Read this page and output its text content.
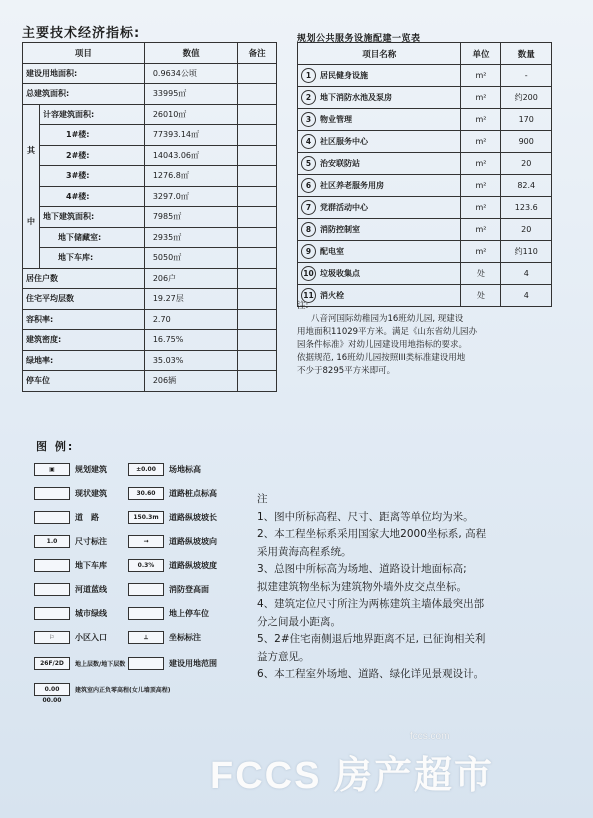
主要技术经济指标:
项目		数值	备注
建设用地面积:		0.9634公顷	
总建筑面积:		33995㎡	

其
中	计容建筑面积:	26010㎡	
	1#楼:	77393.14㎡	
	2#楼:	14043.06㎡	
	3#楼:	1276.8㎡	
	4#楼:	3297.0㎡	
	地下建筑面积:	7985㎡	
	地下储藏室:	2935㎡	
	地下车库:	5050㎡	
居住户数		206户	
住宅平均层数		19.27层	
容积率:		2.70	
建筑密度:		16.75%	
绿地率:		35.03%	
停车位		206辆	
规划公共服务设施配建一览表
项目名称	单位	数量
1 居民健身设施	m²	-
2 地下消防水池及泵房	m²	约200
3 物业管理	m²	170
4 社区服务中心	m²	900
5 治安联防站	m²	20
6 社区养老服务用房	m²	82.4
7 党群活动中心	m²	123.6
8 消防控制室	m²	20
9 配电室	m²	约110
10 垃圾收集点	处	4
11 消火栓	处	4
注:
八音河国际幼稚园为16班幼儿园, 现建设
用地面积11029平方米。满足《山东省幼儿园办
园条件标准》对幼儿园建设用地指标的要求。
依据规范, 16班幼儿园按照III类标准建设用地
不少于8295平方米即可。
图 例:
▣	规划建筑
现状建筑
道　路
1.0	尺寸标注
地下车库
河道蓝线
城市绿线
⚐	小区入口
26F/2D	地上层数/地下层数
0.00 00.00
建筑室内正负零高程(女儿墙顶高程)
±0.00	场地标高
30.60	道路桩点标高
150.3m	道路纵坡坡长
→	道路纵坡坡向
0.3%	道路纵坡坡度
消防登高面
地上停车位
⟂	坐标标注
建设用地范围
注
1、图中所标高程、尺寸、距离等单位均为米。
2、本工程坐标系采用国家大地2000坐标系, 高程
采用黄海高程系统。
3、总图中所标高为场地、道路设计地面标高;
拟建建筑物坐标为建筑物外墙外皮交点坐标。
4、建筑定位尺寸所注为两栋建筑主墙体最突出部
分之间最小距离。
5、2#住宅南侧退后地界距离不足, 已征询相关利
益方意见。
6、本工程室外场地、道路、绿化详见景观设计。
FCCS 房产超市
fccs.com
